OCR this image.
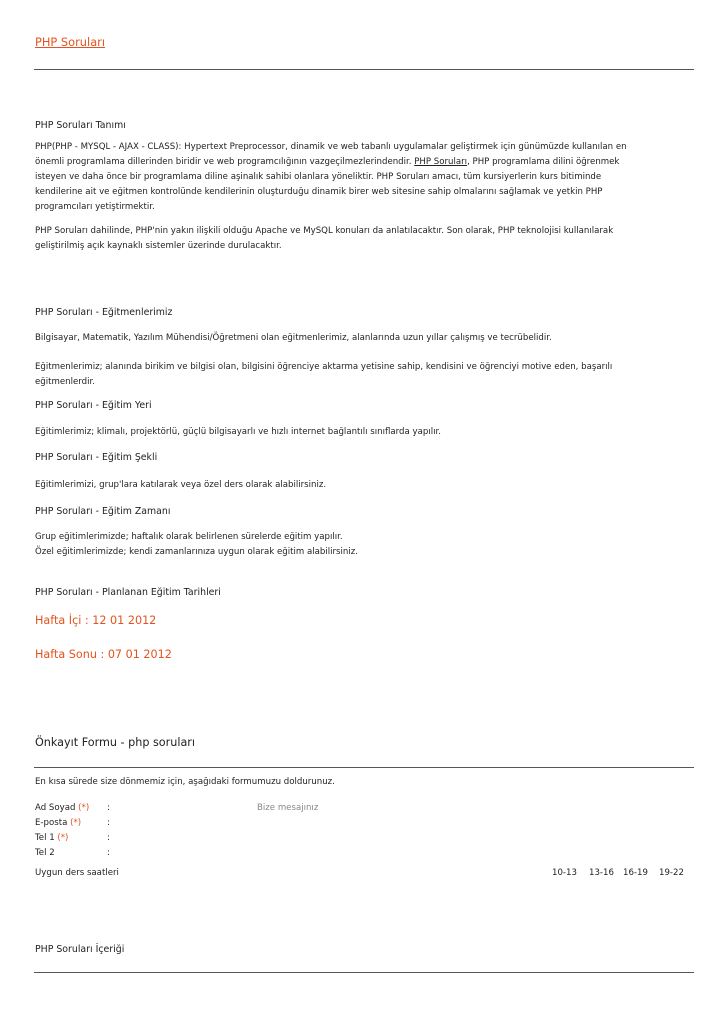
PHP Soruları
PHP Soruları Tanımı
PHP(PHP - MYSQL - AJAX - CLASS): Hypertext Preprocessor, dinamik ve web tabanlı uygulamalar geliştirmek için günümüzde kullanılan en
önemli programlama dillerinden biridir ve web programcılığının vazgeçilmezlerindendir. PHP Soruları, PHP programlama dilini öğrenmek
isteyen ve daha önce bir programlama diline aşinalık sahibi olanlara yöneliktir. PHP Soruları amacı, tüm kursiyerlerin kurs bitiminde
kendilerine ait ve eğitmen kontrolünde kendilerinin oluşturduğu dinamik birer web sitesine sahip olmalarını sağlamak ve yetkin PHP
programcıları yetiştirmektir.
PHP Soruları dahilinde, PHP'nin yakın ilişkili olduğu Apache ve MySQL konuları da anlatılacaktır. Son olarak, PHP teknolojisi kullanılarak
geliştirilmiş açık kaynaklı sistemler üzerinde durulacaktır.
PHP Soruları - Eğitmenlerimiz
Bilgisayar, Matematik, Yazılım Mühendisi/Öğretmeni olan eğitmenlerimiz, alanlarında uzun yıllar çalışmış ve tecrübelidir.
Eğitmenlerimiz; alanında birikim ve bilgisi olan, bilgisini öğrenciye aktarma yetisine sahip, kendisini ve öğrenciyi motive eden, başarılı
eğitmenlerdir.
PHP Soruları - Eğitim Yeri
Eğitimlerimiz; klimalı, projektörlü, güçlü bilgisayarlı ve hızlı internet bağlantılı sınıflarda yapılır.
PHP Soruları - Eğitim Şekli
Eğitimlerimizi, grup'lara katılarak veya özel ders olarak alabilirsiniz.
PHP Soruları - Eğitim Zamanı
Grup eğitimlerimizde; haftalık olarak belirlenen sürelerde eğitim yapılır.
Özel eğitimlerimizde; kendi zamanlarınıza uygun olarak eğitim alabilirsiniz.
PHP Soruları - Planlanan Eğitim Tarihleri
Hafta İçi : 12 01 2012
Hafta Sonu : 07 01 2012
Önkayıt Formu - php soruları
En kısa sürede size dönmemiz için, aşağıdaki formumuzu doldurunuz.
Ad Soyad (*) :
E-posta (*)	:
Tel 1 (*)	:
Tel 2	:
Bize mesajınız
Uygun ders saatleri	10-13 13-16 16-19 19-22
PHP Soruları İçeriği
